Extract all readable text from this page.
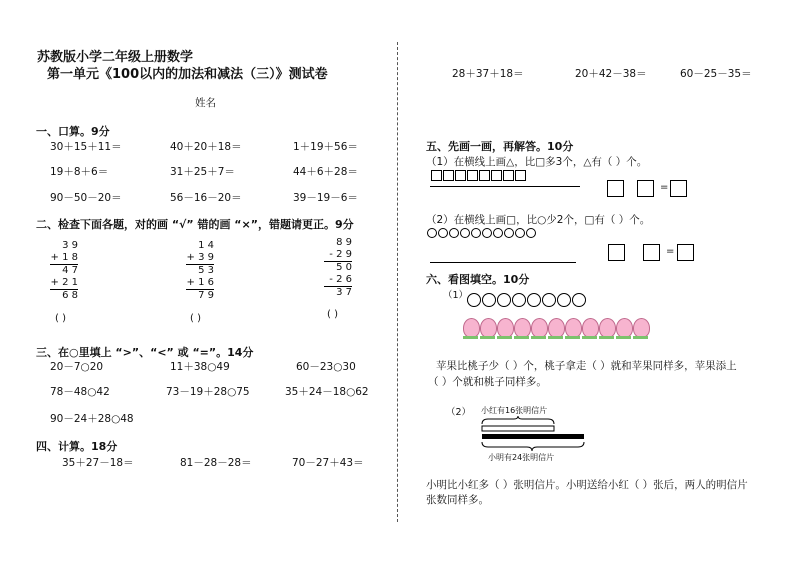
苏教版小学二年级上册数学
第一单元《100以内的加法和减法（三）》测试卷
姓名
一、口算。9分
30＋15＋11＝	40＋20＋18＝	1＋19＋56＝
19＋8＋6＝	31＋25＋7＝	44＋6＋28＝
90－50－20＝	56－16－20＝	39－19－6＝
二、检查下面各题，对的画 “√” 错的画 “×”，错题请更正。9分
3 9
+ 1 8
4 7
+ 2 1
6 8
1 4
+ 3 9
5 3
+ 1 6
7 9
8 9
- 2 9
5 0
- 2 6
3 7
( )	( )	( )
三、在○里填上 “>”、“<” 或 “=”。14分
20－7○20	11＋38○49	60－23○30
78－48○42	73－19＋28○75	35＋24－18○62
90－24＋28○48
四、计算。18分
35＋27－18＝	81－28－28＝	70－27＋43＝
28＋37＋18＝	20＋42－38＝	60－25－35＝
五、先画一画，再解答。10分
（1）在横线上画△，比□多3个，△有（ ）个。
=
（2）在横线上画□，比○少2个，□有（ ）个。
=
六、看图填空。10分
（1）
苹果比桃子少（ ）个，桃子拿走（ ）就和苹果同样多，苹果添上
（ ）个就和桃子同样多。
（2） 小红有16张明信片
小明有24张明信片
小明比小红多（ ）张明信片。小明送给小红（ ）张后，两人的明信片
张数同样多。
